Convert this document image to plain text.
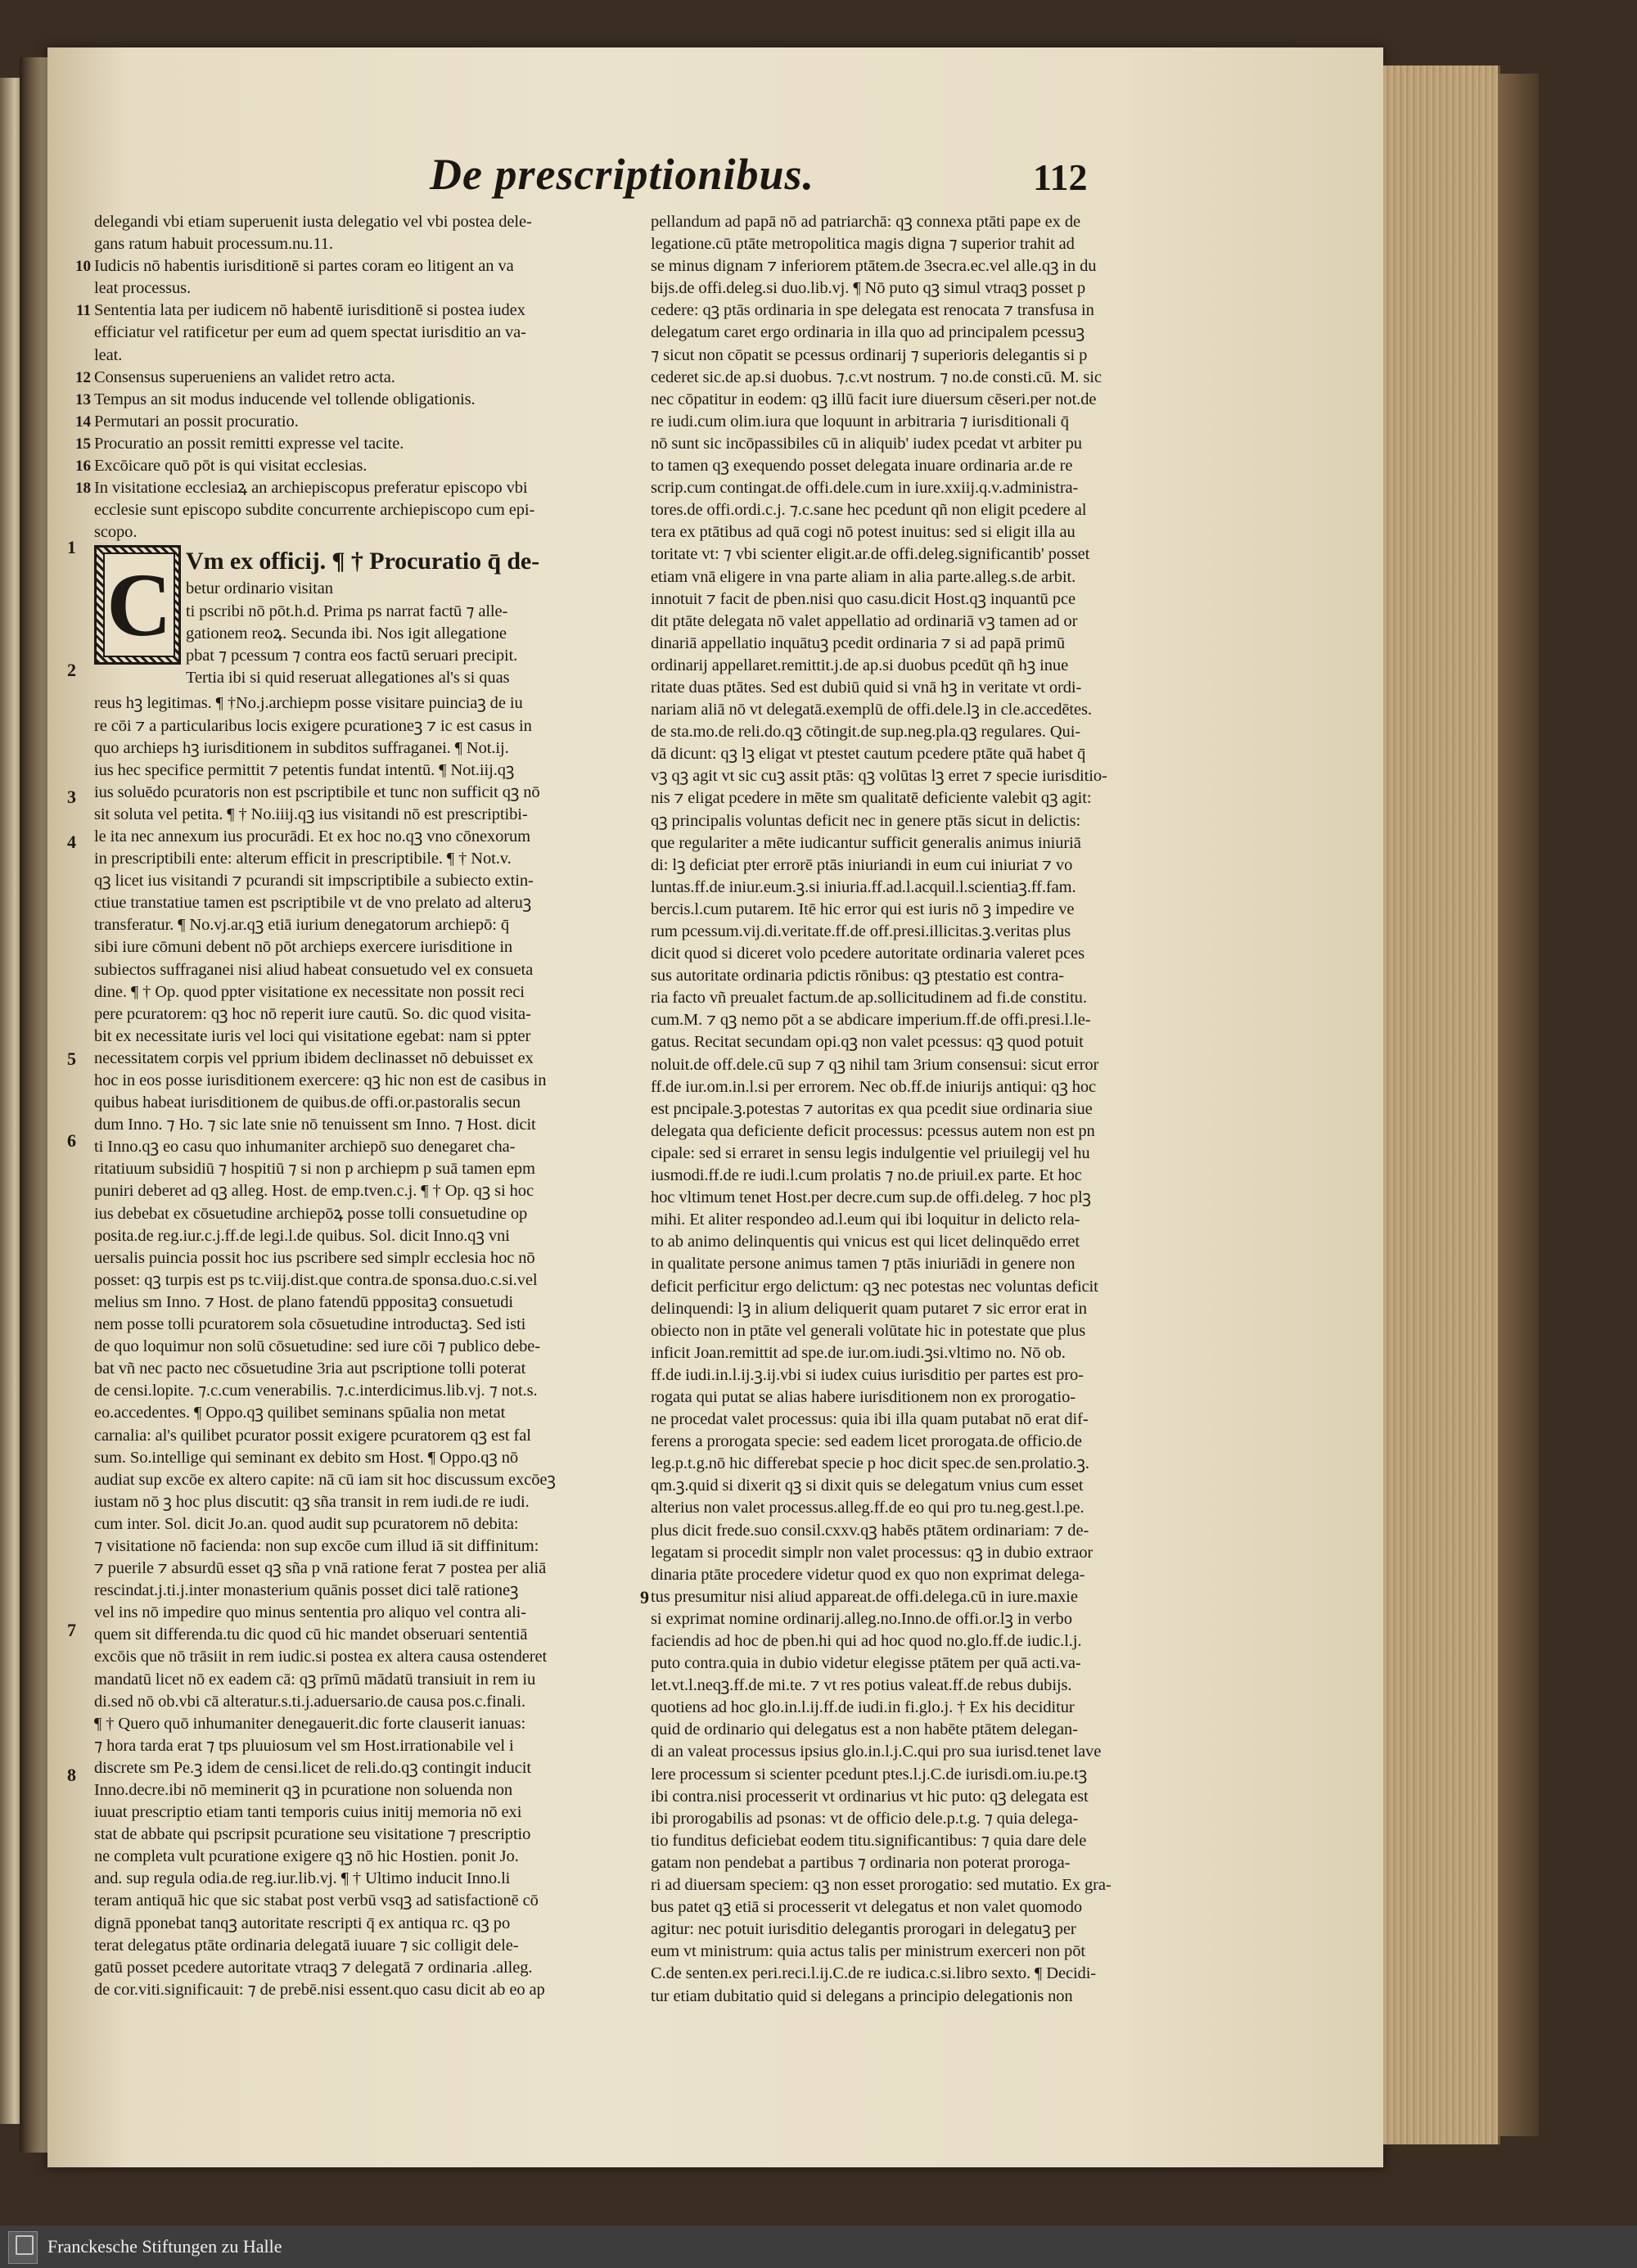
De prescriptionibus.	112
delegandi vbi etiam superuenit iusta delegatio vel vbi postea dele-
gans ratum habuit processum.nu.11.
10 Iudicis nō habentis iurisditionē si partes coram eo litigent an va
leat processus.
11 Sententia lata per iudicem nō habentē iurisditionē si postea iudex
efficiatur vel ratificetur per eum ad quem spectat iurisditio an va-
leat.
12 Consensus superueniens an validet retro acta.
13 Tempus an sit modus inducende vel tollende obligationis.
14 Permutari an possit procuratio.
15 Procuratio an possit remitti expresse vel tacite.
16 Excōicare quō pōt is qui visitat ecclesias.
18 In visitatione ecclesiaꝝ an archiepiscopus preferatur episcopo vbi
ecclesie sunt episcopo subdite concurrente archiepiscopo cum epi-
scopo.
C Vm ex officij. ¶ † Procuratio q̄ de-
betur ordinario visitan
ti pscribi nō pōt.h.d. Prima ps narrat factū ⁊ alle-
gationem reoꝝ. Secunda ibi. Nos igit allegatione
pbat ⁊ pcessum ⁊ contra eos factū seruari precipit.
Tertia ibi si quid reseruat allegationes al's si quas
reus hꝫ legitimas. ¶ †No.j.archiepm posse visitare puinciaꝫ de iu
re cōi ⁊ a particularibus locis exigere pcurationeꝫ ⁊ ic est casus in
quo archieps hꝫ iurisditionem in subditos suffraganei. ¶ Not.ij.
ius hec specifice permittit ⁊ petentis fundat intentū. ¶ Not.iij.qꝫ
ius soluēdo pcuratoris non est pscriptibile et tunc non sufficit qꝫ nō
sit soluta vel petita. ¶ † No.iiij.qꝫ ius visitandi nō est prescriptibi-
le ita nec annexum ius procurādi. Et ex hoc no.qꝫ vno cōnexorum
in prescriptibili ente: alterum efficit in prescriptibile. ¶ † Not.v.
qꝫ licet ius visitandi ⁊ pcurandi sit impscriptibile a subiecto extin-
ctiue transtatiue tamen est pscriptibile vt de vno prelato ad alteruꝫ
transferatur. ¶ No.vj.ar.qꝫ etiā iurium denegatorum archiepō: q̄
sibi iure cōmuni debent nō pōt archieps exercere iurisditione in
subiectos suffraganei nisi aliud habeat consuetudo vel ex consueta
dine. ¶ † Op. quod ppter visitatione ex necessitate non possit reci
pere pcuratorem: qꝫ hoc nō reperit iure cautū. So. dic quod visita-
bit ex necessitate iuris vel loci qui visitatione egebat: nam si ppter
necessitatem corpis vel pprium ibidem declinasset nō debuisset ex
hoc in eos posse iurisditionem exercere: qꝫ hic non est de casibus in
quibus habeat iurisditionem de quibus.de offi.or.pastoralis secun
dum Inno. ⁊ Ho. ⁊ sic late snie nō tenuissent sm Inno. ⁊ Host. dicit
ti Inno.qꝫ eo casu quo inhumaniter archiepō suo denegaret cha-
ritatiuum subsidiū ⁊ hospitiū ⁊ si non p archiepm p suā tamen epm
puniri deberet ad qꝫ alleg. Host. de emp.tven.c.j. ¶ † Op. qꝫ si hoc
ius debebat ex cōsuetudine archiepōꝝ posse tolli consuetudine op
posita.de reg.iur.c.j.ff.de legi.l.de quibus. Sol. dicit Inno.qꝫ vni
uersalis puincia possit hoc ius pscribere sed simplr ecclesia hoc nō
posset: qꝫ turpis est ps tc.viij.dist.que contra.de sponsa.duo.c.si.vel
melius sm Inno. ⁊ Host. de plano fatendū pppositaꝫ consuetudi
nem posse tolli pcuratorem sola cōsuetudine introductaꝫ. Sed isti
de quo loquimur non solū cōsuetudine: sed iure cōi ⁊ publico debe-
bat vñ nec pacto nec cōsuetudine 3ria aut pscriptione tolli poterat
de censi.lopite. ⁊.c.cum venerabilis. ⁊.c.interdicimus.lib.vj. ⁊ not.s.
eo.accedentes. ¶ Oppo.qꝫ quilibet seminans spūalia non metat
carnalia: al's quilibet pcurator possit exigere pcuratorem qꝫ est fal
sum. So.intellige qui seminant ex debito sm Host. ¶ Oppo.qꝫ nō
audiat sup excōe ex altero capite: nā cū iam sit hoc discussum excōeꝫ
iustam nō ꝫ hoc plus discutit: qꝫ sña transit in rem iudi.de re iudi.
cum inter. Sol. dicit Jo.an. quod audit sup pcuratorem nō debita:
⁊ visitatione nō facienda: non sup excōe cum illud iā sit diffinitum:
⁊ puerile ⁊ absurdū esset qꝫ sña p vnā ratione ferat ⁊ postea per aliā
rescindat.j.ti.j.inter monasterium quānis posset dici talē rationeꝫ
vel ins nō impedire quo minus sententia pro aliquo vel contra ali-
quem sit differenda.tu dic quod cū hic mandet obseruari sententiā
excōis que nō trāsiit in rem iudic.si postea ex altera causa ostenderet
mandatū licet nō ex eadem cā: qꝫ prīmū mādatū transiuit in rem iu
di.sed nō ob.vbi cā alteratur.s.ti.j.aduersario.de causa pos.c.finali.
¶ † Quero quō inhumaniter denegauerit.dic forte clauserit ianuas:
⁊ hora tarda erat ⁊ tps pluuiosum vel sm Host.irrationabile vel i
discrete sm Pe.ꝫ idem de censi.licet de reli.do.qꝫ contingit inducit
Inno.decre.ibi nō meminerit qꝫ in pcuratione non soluenda non
iuuat prescriptio etiam tanti temporis cuius initij memoria nō exi
stat de abbate qui pscripsit pcuratione seu visitatione ⁊ prescriptio
ne completa vult pcuratione exigere qꝫ nō hic Hostien. ponit Jo.
and. sup regula odia.de reg.iur.lib.vj. ¶ † Ultimo inducit Inno.li
teram antiquā hic que sic stabat post verbū vsqꝫ ad satisfactionē cō
dignā pponebat tanqꝫ autoritate rescripti q̄ ex antiqua rc. qꝫ po
terat delegatus ptāte ordinaria delegatā iuuare ⁊ sic colligit dele-
gatū posset pcedere autoritate vtraqꝫ ⁊ delegatā ⁊ ordinaria .alleg.
de cor.viti.significauit: ⁊ de prebē.nisi essent.quo casu dicit ab eo ap
pellandum ad papā nō ad patriarchā: qꝫ connexa ptāti pape ex de
legatione.cū ptāte metropolitica magis digna ⁊ superior trahit ad
se minus dignam ⁊ inferiorem ptātem.de 3secra.ec.vel alle.qꝫ in du
bijs.de offi.deleg.si duo.lib.vj. ¶ Nō puto qꝫ simul vtraqꝫ posset p
cedere: qꝫ ptās ordinaria in spe delegata est renocata ⁊ transfusa in
delegatum caret ergo ordinaria in illa quo ad principalem pcessuꝫ
⁊ sicut non cōpatit se pcessus ordinarij ⁊ superioris delegantis si p
cederet sic.de ap.si duobus. ⁊.c.vt nostrum. ⁊ no.de consti.cū. M. sic
nec cōpatitur in eodem: qꝫ illū facit iure diuersum cēseri.per not.de
re iudi.cum olim.iura que loquunt in arbitraria ⁊ iurisditionali q̄
nō sunt sic incōpassibiles cū in aliquib' iudex pcedat vt arbiter pu
to tamen qꝫ exequendo posset delegata inuare ordinaria ar.de re
scrip.cum contingat.de offi.dele.cum in iure.xxiij.q.v.administra-
tores.de offi.ordi.c.j. ⁊.c.sane hec pcedunt qñ non eligit pcedere al
tera ex ptātibus ad quā cogi nō potest inuitus: sed si eligit illa au
toritate vt: ⁊ vbi scienter eligit.ar.de offi.deleg.significantib' posset
etiam vnā eligere in vna parte aliam in alia parte.alleg.s.de arbit.
innotuit ⁊ facit de pben.nisi quo casu.dicit Host.qꝫ inquantū pce
dit ptāte delegata nō valet appellatio ad ordinariā vꝫ tamen ad or
dinariā appellatio inquātuꝫ pcedit ordinaria ⁊ si ad papā primū
ordinarij appellaret.remittit.j.de ap.si duobus pcedūt qñ hꝫ inue
ritate duas ptātes. Sed est dubiū quid si vnā hꝫ in veritate vt ordi-
nariam aliā nō vt delegatā.exemplū de offi.dele.lꝫ in cle.accedētes.
de sta.mo.de reli.do.qꝫ cōtingit.de sup.neg.pla.qꝫ regulares. Qui-
dā dicunt: qꝫ lꝫ eligat vt ptestet cautum pcedere ptāte quā habet q̄
vꝫ qꝫ agit vt sic cuꝫ assit ptās: qꝫ volūtas lꝫ erret ⁊ specie iurisditio-
nis ⁊ eligat pcedere in mēte sm qualitatē deficiente valebit qꝫ agit:
qꝫ principalis voluntas deficit nec in genere ptās sicut in delictis:
que regulariter a mēte iudicantur sufficit generalis animus iniuriā
di: lꝫ deficiat pter errorē ptās iniuriandi in eum cui iniuriat ⁊ vo
luntas.ff.de iniur.eum.ꝫ.si iniuria.ff.ad.l.acquil.l.scientiaꝫ.ff.fam.
bercis.l.cum putarem. Itē hic error qui est iuris nō ꝫ impedire ve
rum pcessum.vij.di.veritate.ff.de off.presi.illicitas.ꝫ.veritas plus
dicit quod si diceret volo pcedere autoritate ordinaria valeret pces
sus autoritate ordinaria pdictis rōnibus: qꝫ ptestatio est contra-
ria facto vñ preualet factum.de ap.sollicitudinem ad fi.de constitu.
cum.M. ⁊ qꝫ nemo pōt a se abdicare imperium.ff.de offi.presi.l.le-
gatus. Recitat secundam opi.qꝫ non valet pcessus: qꝫ quod potuit
noluit.de off.dele.cū sup ⁊ qꝫ nihil tam 3rium consensui: sicut error
ff.de iur.om.in.l.si per errorem. Nec ob.ff.de iniurijs antiqui: qꝫ hoc
est pncipale.ꝫ.potestas ⁊ autoritas ex qua pcedit siue ordinaria siue
delegata qua deficiente deficit processus: pcessus autem non est pn
cipale: sed si erraret in sensu legis indulgentie vel priuilegij vel hu
iusmodi.ff.de re iudi.l.cum prolatis ⁊ no.de priuil.ex parte. Et hoc
hoc vltimum tenet Host.per decre.cum sup.de offi.deleg. ⁊ hoc plꝫ
mihi. Et aliter respondeo ad.l.eum qui ibi loquitur in delicto rela-
to ab animo delinquentis qui vnicus est qui licet delinquēdo erret
in qualitate persone animus tamen ⁊ ptās iniuriādi in genere non
deficit perficitur ergo delictum: qꝫ nec potestas nec voluntas deficit
delinquendi: lꝫ in alium deliquerit quam putaret ⁊ sic error erat in
obiecto non in ptāte vel generali volūtate hic in potestate que plus
inficit Joan.remittit ad spe.de iur.om.iudi.ꝫsi.vltimo no. Nō ob.
ff.de iudi.in.l.ij.ꝫ.ij.vbi si iudex cuius iurisditio per partes est pro-
rogata qui putat se alias habere iurisditionem non ex prorogatio-
ne procedat valet processus: quia ibi illa quam putabat nō erat dif-
ferens a prorogata specie: sed eadem licet prorogata.de officio.de
leg.p.t.g.nō hic differebat specie p hoc dicit spec.de sen.prolatio.ꝫ.
qm.ꝫ.quid si dixerit qꝫ si dixit quis se delegatum vnius cum esset
alterius non valet processus.alleg.ff.de eo qui pro tu.neg.gest.l.pe.
plus dicit frede.suo consil.cxxv.qꝫ habēs ptātem ordinariam: ⁊ de-
legatam si procedit simplr non valet processus: qꝫ in dubio extraor
dinaria ptāte procedere videtur quod ex quo non exprimat delega-
tus presumitur nisi aliud appareat.de offi.delega.cū in iure.maxie
si exprimat nomine ordinarij.alleg.no.Inno.de offi.or.lꝫ in verbo
faciendis ad hoc de pben.hi qui ad hoc quod no.glo.ff.de iudic.l.j.
puto contra.quia in dubio videtur elegisse ptātem per quā acti.va-
let.vt.l.neqꝫ.ff.de mi.te. ⁊ vt res potius valeat.ff.de rebus dubijs.
quotiens ad hoc glo.in.l.ij.ff.de iudi.in fi.glo.j. † Ex his deciditur
quid de ordinario qui delegatus est a non habēte ptātem delegan-
di an valeat processus ipsius glo.in.l.j.C.qui pro sua iurisd.tenet lave
lere processum si scienter pcedunt ptes.l.j.C.de iurisdi.om.iu.pe.tꝫ
ibi contra.nisi processerit vt ordinarius vt hic puto: qꝫ delegata est
ibi prorogabilis ad psonas: vt de officio dele.p.t.g. ⁊ quia delega-
tio funditus deficiebat eodem titu.significantibus: ⁊ quia dare dele
gatam non pendebat a partibus ⁊ ordinaria non poterat proroga-
ri ad diuersam speciem: qꝫ non esset prorogatio: sed mutatio. Ex gra-
bus patet qꝫ etiā si processerit vt delegatus et non valet quomodo
agitur: nec potuit iurisditio delegantis prorogari in delegatuꝫ per
eum vt ministrum: quia actus talis per ministrum exerceri non pōt
C.de senten.ex peri.reci.l.ij.C.de re iudica.c.si.libro sexto. ¶ Decidi-
tur etiam dubitatio quid si delegans a principio delegationis non
1
2
3
4
5
6
7
8
9
Franckesche Stiftungen zu Halle
